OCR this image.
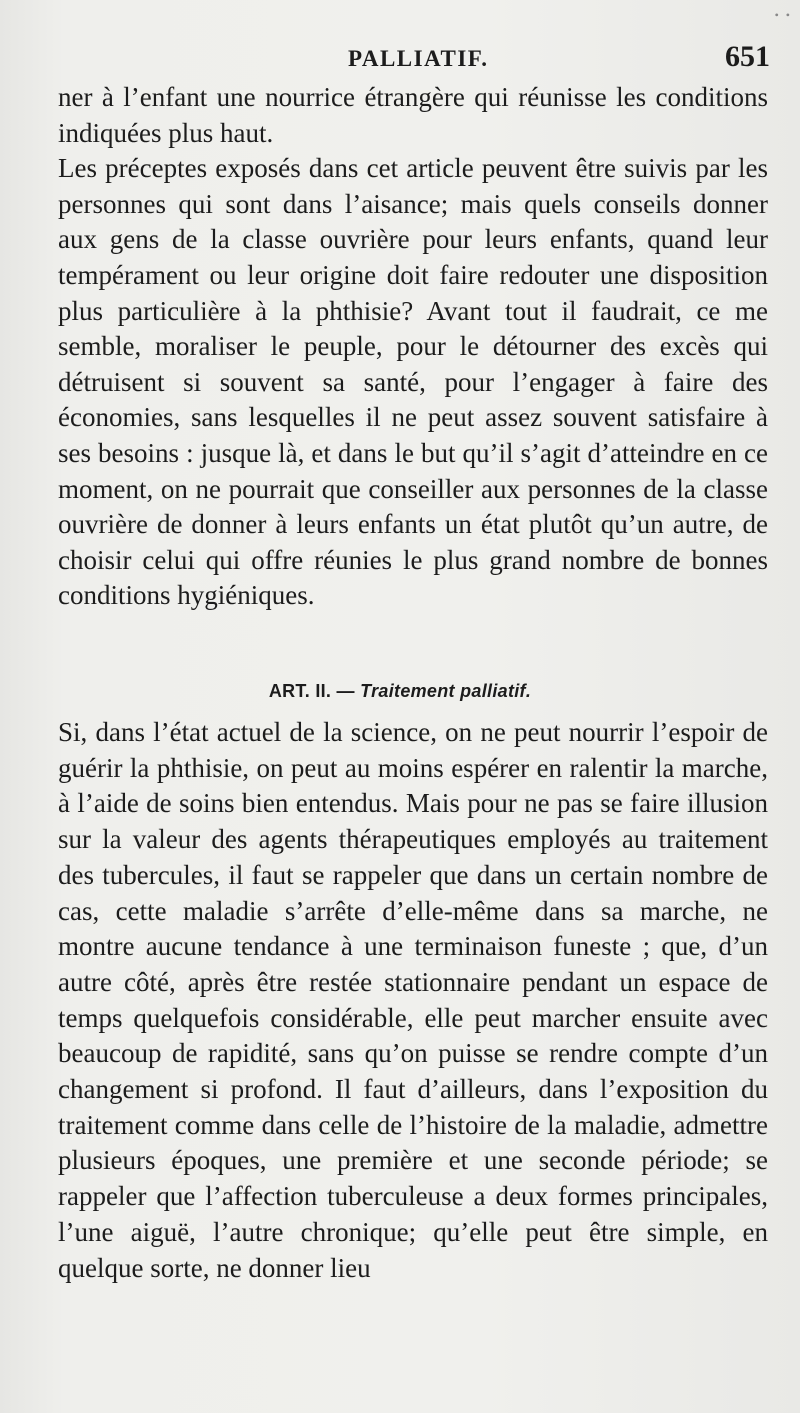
• •
PALLIATIF.	651

ner à l’enfant une nourrice étrangère qui réunisse les conditions indiquées plus haut.

Les préceptes exposés dans cet article peuvent être suivis par les personnes qui sont dans l’aisance; mais quels conseils donner aux gens de la classe ouvrière pour leurs enfants, quand leur tempérament ou leur origine doit faire redouter une disposition plus particulière à la phthisie? Avant tout il faudrait, ce me semble, moraliser le peuple, pour le détourner des excès qui détruisent si souvent sa santé, pour l’engager à faire des économies, sans lesquelles il ne peut assez souvent satisfaire à ses besoins : jusque là, et dans le but qu’il s’agit d’atteindre en ce moment, on ne pourrait que conseiller aux personnes de la classe ouvrière de donner à leurs enfants un état plutôt qu’un autre, de choisir celui qui offre réunies le plus grand nombre de bonnes conditions hygiéniques.

ART. II. — Traitement palliatif.

Si, dans l’état actuel de la science, on ne peut nourrir l’espoir de guérir la phthisie, on peut au moins espérer en ralentir la marche, à l’aide de soins bien entendus. Mais pour ne pas se faire illusion sur la valeur des agents thérapeutiques employés au traitement des tubercules, il faut se rappeler que dans un certain nombre de cas, cette maladie s’arrête d’elle-même dans sa marche, ne montre aucune tendance à une terminaison funeste ; que, d’un autre côté, après être restée stationnaire pendant un espace de temps quelquefois considérable, elle peut marcher ensuite avec beaucoup de rapidité, sans qu’on puisse se rendre compte d’un changement si profond. Il faut d’ailleurs, dans l’exposition du traitement comme dans celle de l’histoire de la maladie, admettre plusieurs époques, une première et une seconde période; se rappeler que l’affection tuberculeuse a deux formes principales, l’une aiguë, l’autre chronique; qu’elle peut être simple, en quelque sorte, ne donner lieu
